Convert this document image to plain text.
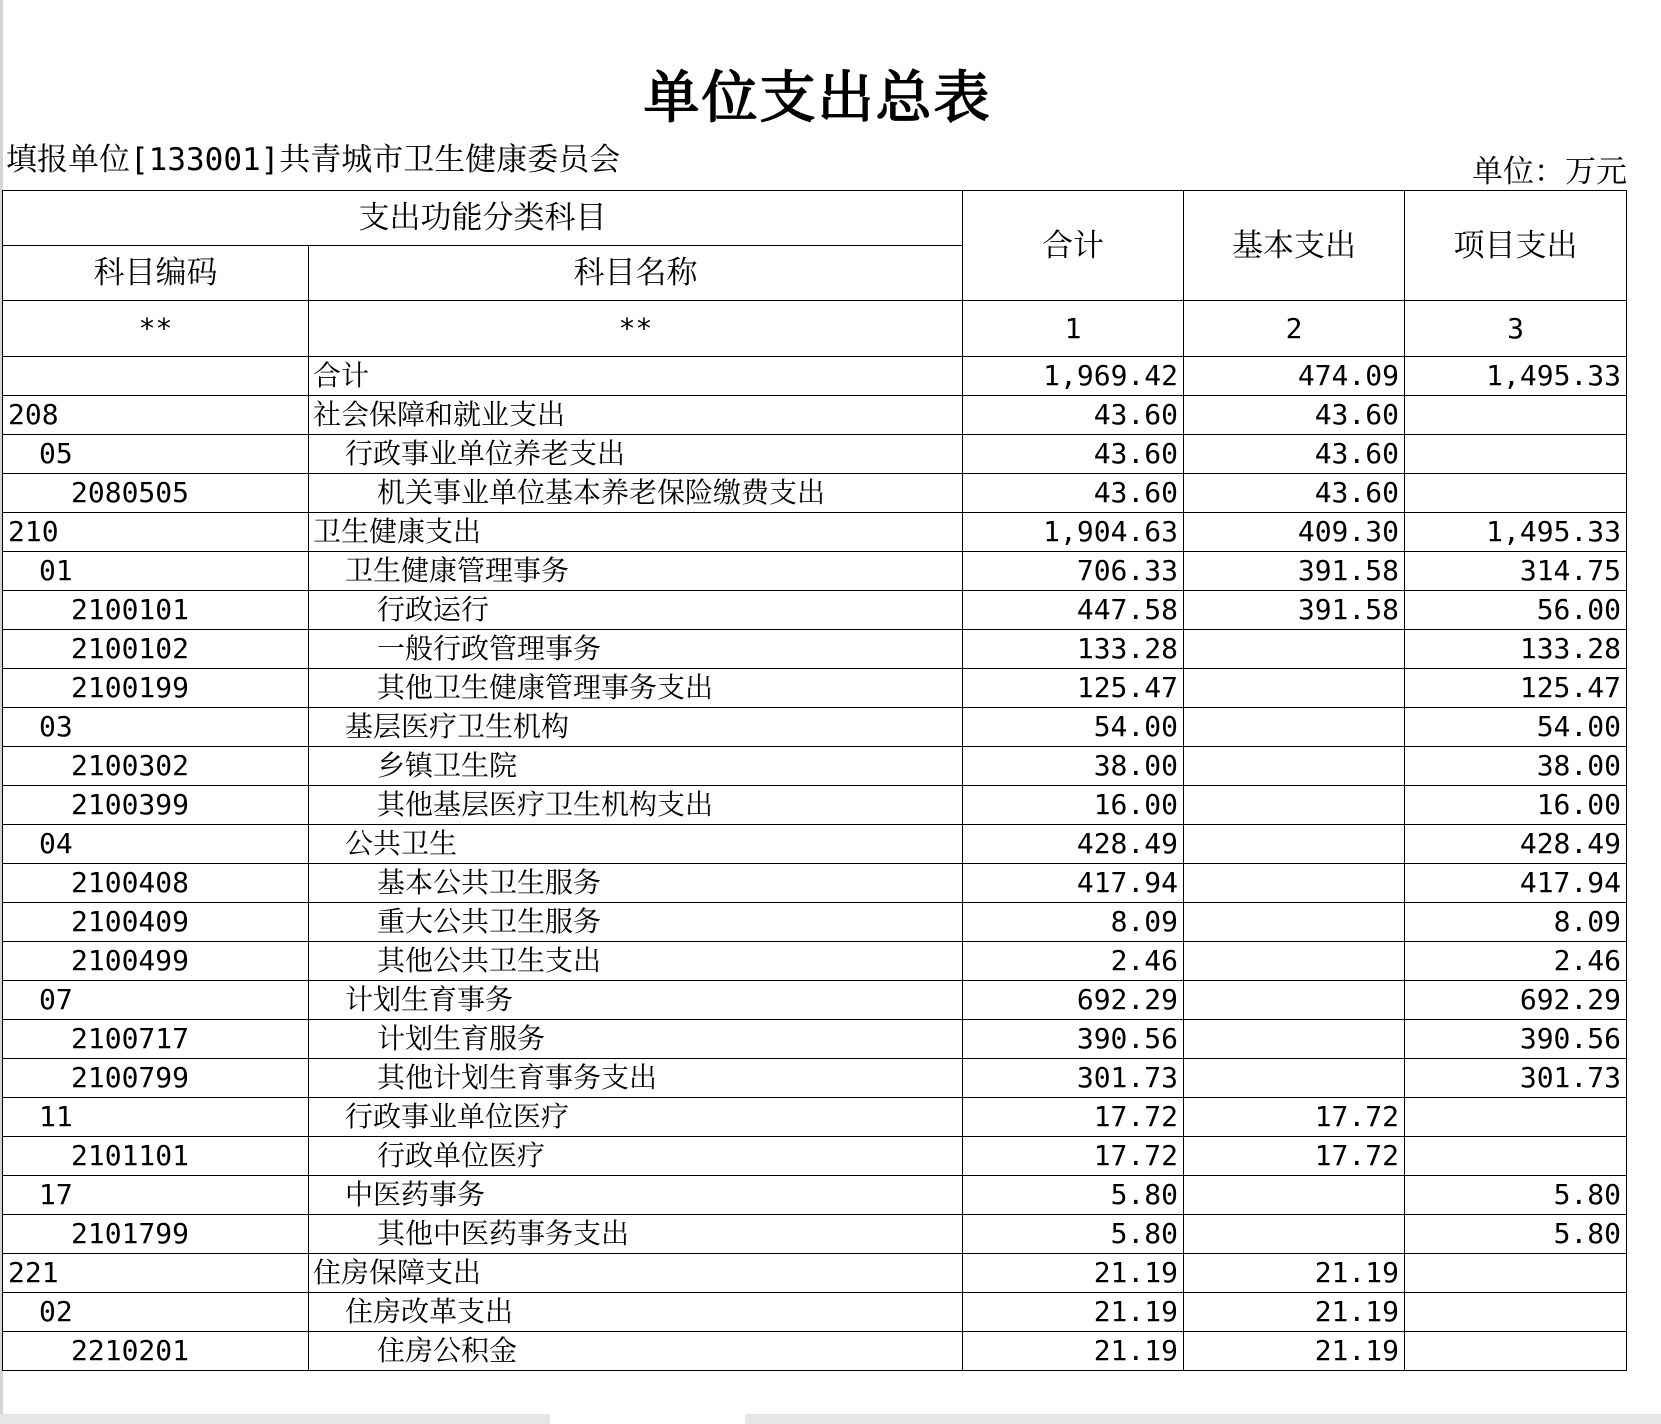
单位支出总表
填报单位[133001]共青城市卫生健康委员会	单位：万元
支出功能分类科目		合计	基本支出	项目支出
科目编码	科目名称			
**	**	1	2	3
	合计	1,969.42	474.09	1,495.33
208	社会保障和就业支出	43.60	43.60	
05	行政事业单位养老支出	43.60	43.60	
2080505	机关事业单位基本养老保险缴费支出	43.60	43.60	
210	卫生健康支出	1,904.63	409.30	1,495.33
01	卫生健康管理事务	706.33	391.58	314.75
2100101	行政运行	447.58	391.58	56.00
2100102	一般行政管理事务	133.28		133.28
2100199	其他卫生健康管理事务支出	125.47		125.47
03	基层医疗卫生机构	54.00		54.00
2100302	乡镇卫生院	38.00		38.00
2100399	其他基层医疗卫生机构支出	16.00		16.00
04	公共卫生	428.49		428.49
2100408	基本公共卫生服务	417.94		417.94
2100409	重大公共卫生服务	8.09		8.09
2100499	其他公共卫生支出	2.46		2.46
07	计划生育事务	692.29		692.29
2100717	计划生育服务	390.56		390.56
2100799	其他计划生育事务支出	301.73		301.73
11	行政事业单位医疗	17.72	17.72	
2101101	行政单位医疗	17.72	17.72	
17	中医药事务	5.80		5.80
2101799	其他中医药事务支出	5.80		5.80
221	住房保障支出	21.19	21.19	
02	住房改革支出	21.19	21.19	
2210201	住房公积金	21.19	21.19	
